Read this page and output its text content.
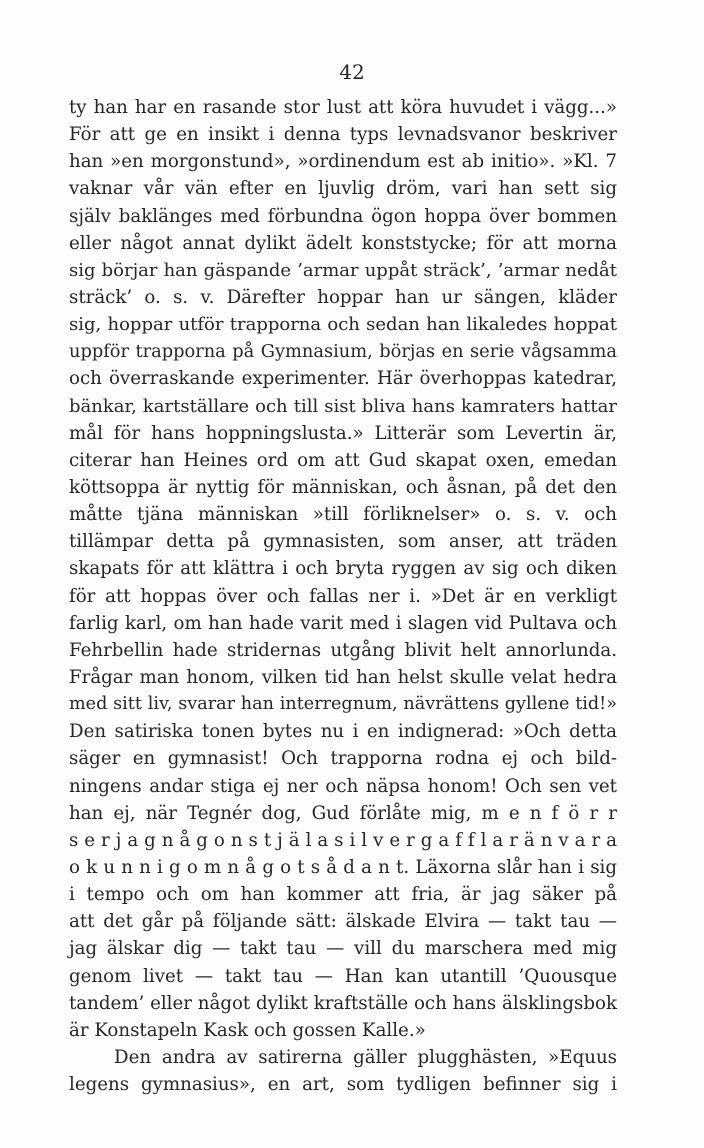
42
ty han har en rasande stor lust att köra huvudet i vägg...»
För att ge en insikt i denna typs levnadsvanor beskriver
han »en morgonstund», »ordinendum est ab initio». »Kl. 7
vaknar vår vän efter en ljuvlig dröm, vari han sett sig
själv baklänges med förbundna ögon hoppa över bommen
eller något annat dylikt ädelt konststycke; för att morna
sig börjar han gäspande ’armar uppåt sträck’, ’armar nedåt
sträck’ o. s. v. Därefter hoppar han ur sängen, kläder
sig, hoppar utför trapporna och sedan han likaledes hoppat
uppför trapporna på Gymnasium, börjas en serie vågsamma
och överraskande experimenter. Här överhoppas katedrar,
bänkar, kartställare och till sist bliva hans kamraters hattar
mål för hans hoppningslusta.» Litterär som Levertin är,
citerar han Heines ord om att Gud skapat oxen, emedan
köttsoppa är nyttig för människan, och åsnan, på det den
måtte tjäna människan »till förliknelser» o. s. v. och
tillämpar detta på gymnasisten, som anser, att träden
skapats för att klättra i och bryta ryggen av sig och diken
för att hoppas över och fallas ner i. »Det är en verkligt
farlig karl, om han hade varit med i slagen vid Pultava och
Fehrbellin hade stridernas utgång blivit helt annorlunda.
Frågar man honom, vilken tid han helst skulle velat hedra
med sitt liv, svarar han interregnum, nävrättens gyllene tid!»
Den satiriska tonen bytes nu i en indignerad: »Och detta
säger en gymnasist! Och trapporna rodna ej och bild-
ningens andar stiga ej ner och näpsa honom! Och sen vet
han ej, när Tegnér dog, Gud förlåte mig, m e n f ö r r
s e r j a g n å g o n s t j ä l a s i l v e r g a f f l a r ä n v a r a
o k u n n i g o m n å g o t s å d a n t. Läxorna slår han i sig
i tempo och om han kommer att fria, är jag säker på
att det går på följande sätt: älskade Elvira — takt tau —
jag älskar dig — takt tau — vill du marschera med mig
genom livet — takt tau — Han kan utantill ’Quousque
tandem’ eller något dylikt kraftställe och hans älsklingsbok
är Konstapeln Kask och gossen Kalle.»
Den andra av satirerna gäller plugghästen, »Equus
legens gymnasius», en art, som tydligen befinner sig i
